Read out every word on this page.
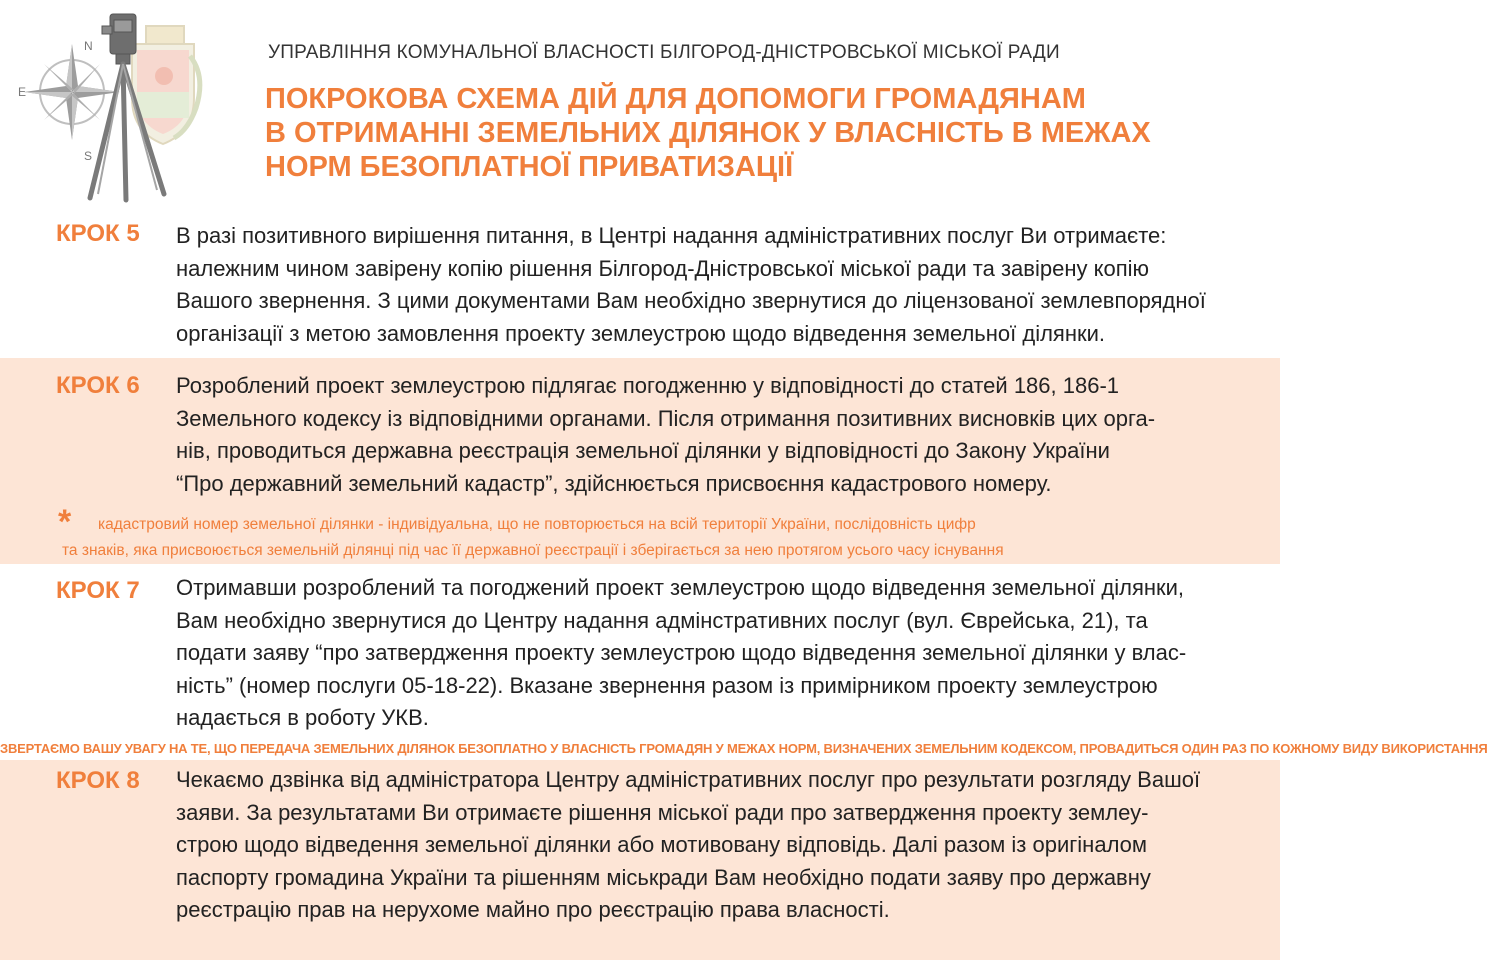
N
E
S
УПРАВЛІННЯ КОМУНАЛЬНОЇ ВЛАСНОСТІ БІЛГОРОД-ДНІСТРОВСЬКОЇ МІСЬКОЇ РАДИ
ПОКРОКОВА СХЕМА ДІЙ ДЛЯ ДОПОМОГИ ГРОМАДЯНАМ
В ОТРИМАННІ ЗЕМЕЛЬНИХ ДІЛЯНОК У ВЛАСНІСТЬ В МЕЖАХ
НОРМ БЕЗОПЛАТНОЇ ПРИВАТИЗАЦІЇ
КРОК 5 В разі позитивного вирішення питання, в Центрі надання адміністративних послуг Ви отримаєте:
належним чином завірену копію рішення Білгород-Дністровської міської ради та завірену копію
Вашого звернення. З цими документами Вам необхідно звернутися до ліцензованої землевпорядної
організації з метою замовлення проекту землеустрою щодо відведення земельної ділянки.
КРОК 6 Розроблений проект землеустрою підлягає погодженню у відповідності до статей 186, 186-1
Земельного кодексу із відповідними органами. Після отримання позитивних висновків цих орга-
нів, проводиться державна реєстрація земельної ділянки у відповідності до Закону України
“Про державний земельний кадастр”, здійснюється присвоєння кадастрового номеру.
*	кадастровий номер земельної ділянки - індивідуальна, що не повторюється на всій території України, послідовність цифр
та знаків, яка присвоюється земельній ділянці під час її державної реєстрації і зберігається за нею протягом усього часу існування
КРОК 7 Отримавши розроблений та погоджений проект землеустрою щодо відведення земельної ділянки,
Вам необхідно звернутися до Центру надання адмінстративних послуг (вул. Єврейська, 21), та
подати заяву “про затвердження проекту землеустрою щодо відведення земельної ділянки у влас-
ність” (номер послуги 05-18-22). Вказане звернення разом із примірником проекту землеустрою
надається в роботу УКВ.
ЗВЕРТАЄМО ВАШУ УВАГУ НА ТЕ, ЩО ПЕРЕДАЧА ЗЕМЕЛЬНИХ ДІЛЯНОК БЕЗОПЛАТНО У ВЛАСНІСТЬ ГРОМАДЯН У МЕЖАХ НОРМ, ВИЗНАЧЕНИХ ЗЕМЕЛЬНИМ КОДЕКСОМ, ПРОВАДИТЬСЯ ОДИН РАЗ ПО КОЖНОМУ ВИДУ ВИКОРИСТАННЯ
КРОК 8 Чекаємо дзвінка від адміністратора Центру адміністративних послуг про результати розгляду Вашої
заяви. За результатами Ви отримаєте рішення міської ради про затвердження проекту землеу-
строю щодо відведення земельної ділянки або мотивовану відповідь. Далі разом із оригіналом
паспорту громадина України та рішенням міськради Вам необхідно подати заяву про державну
реєстрацію прав на нерухоме майно про реєстрацію права власності.
